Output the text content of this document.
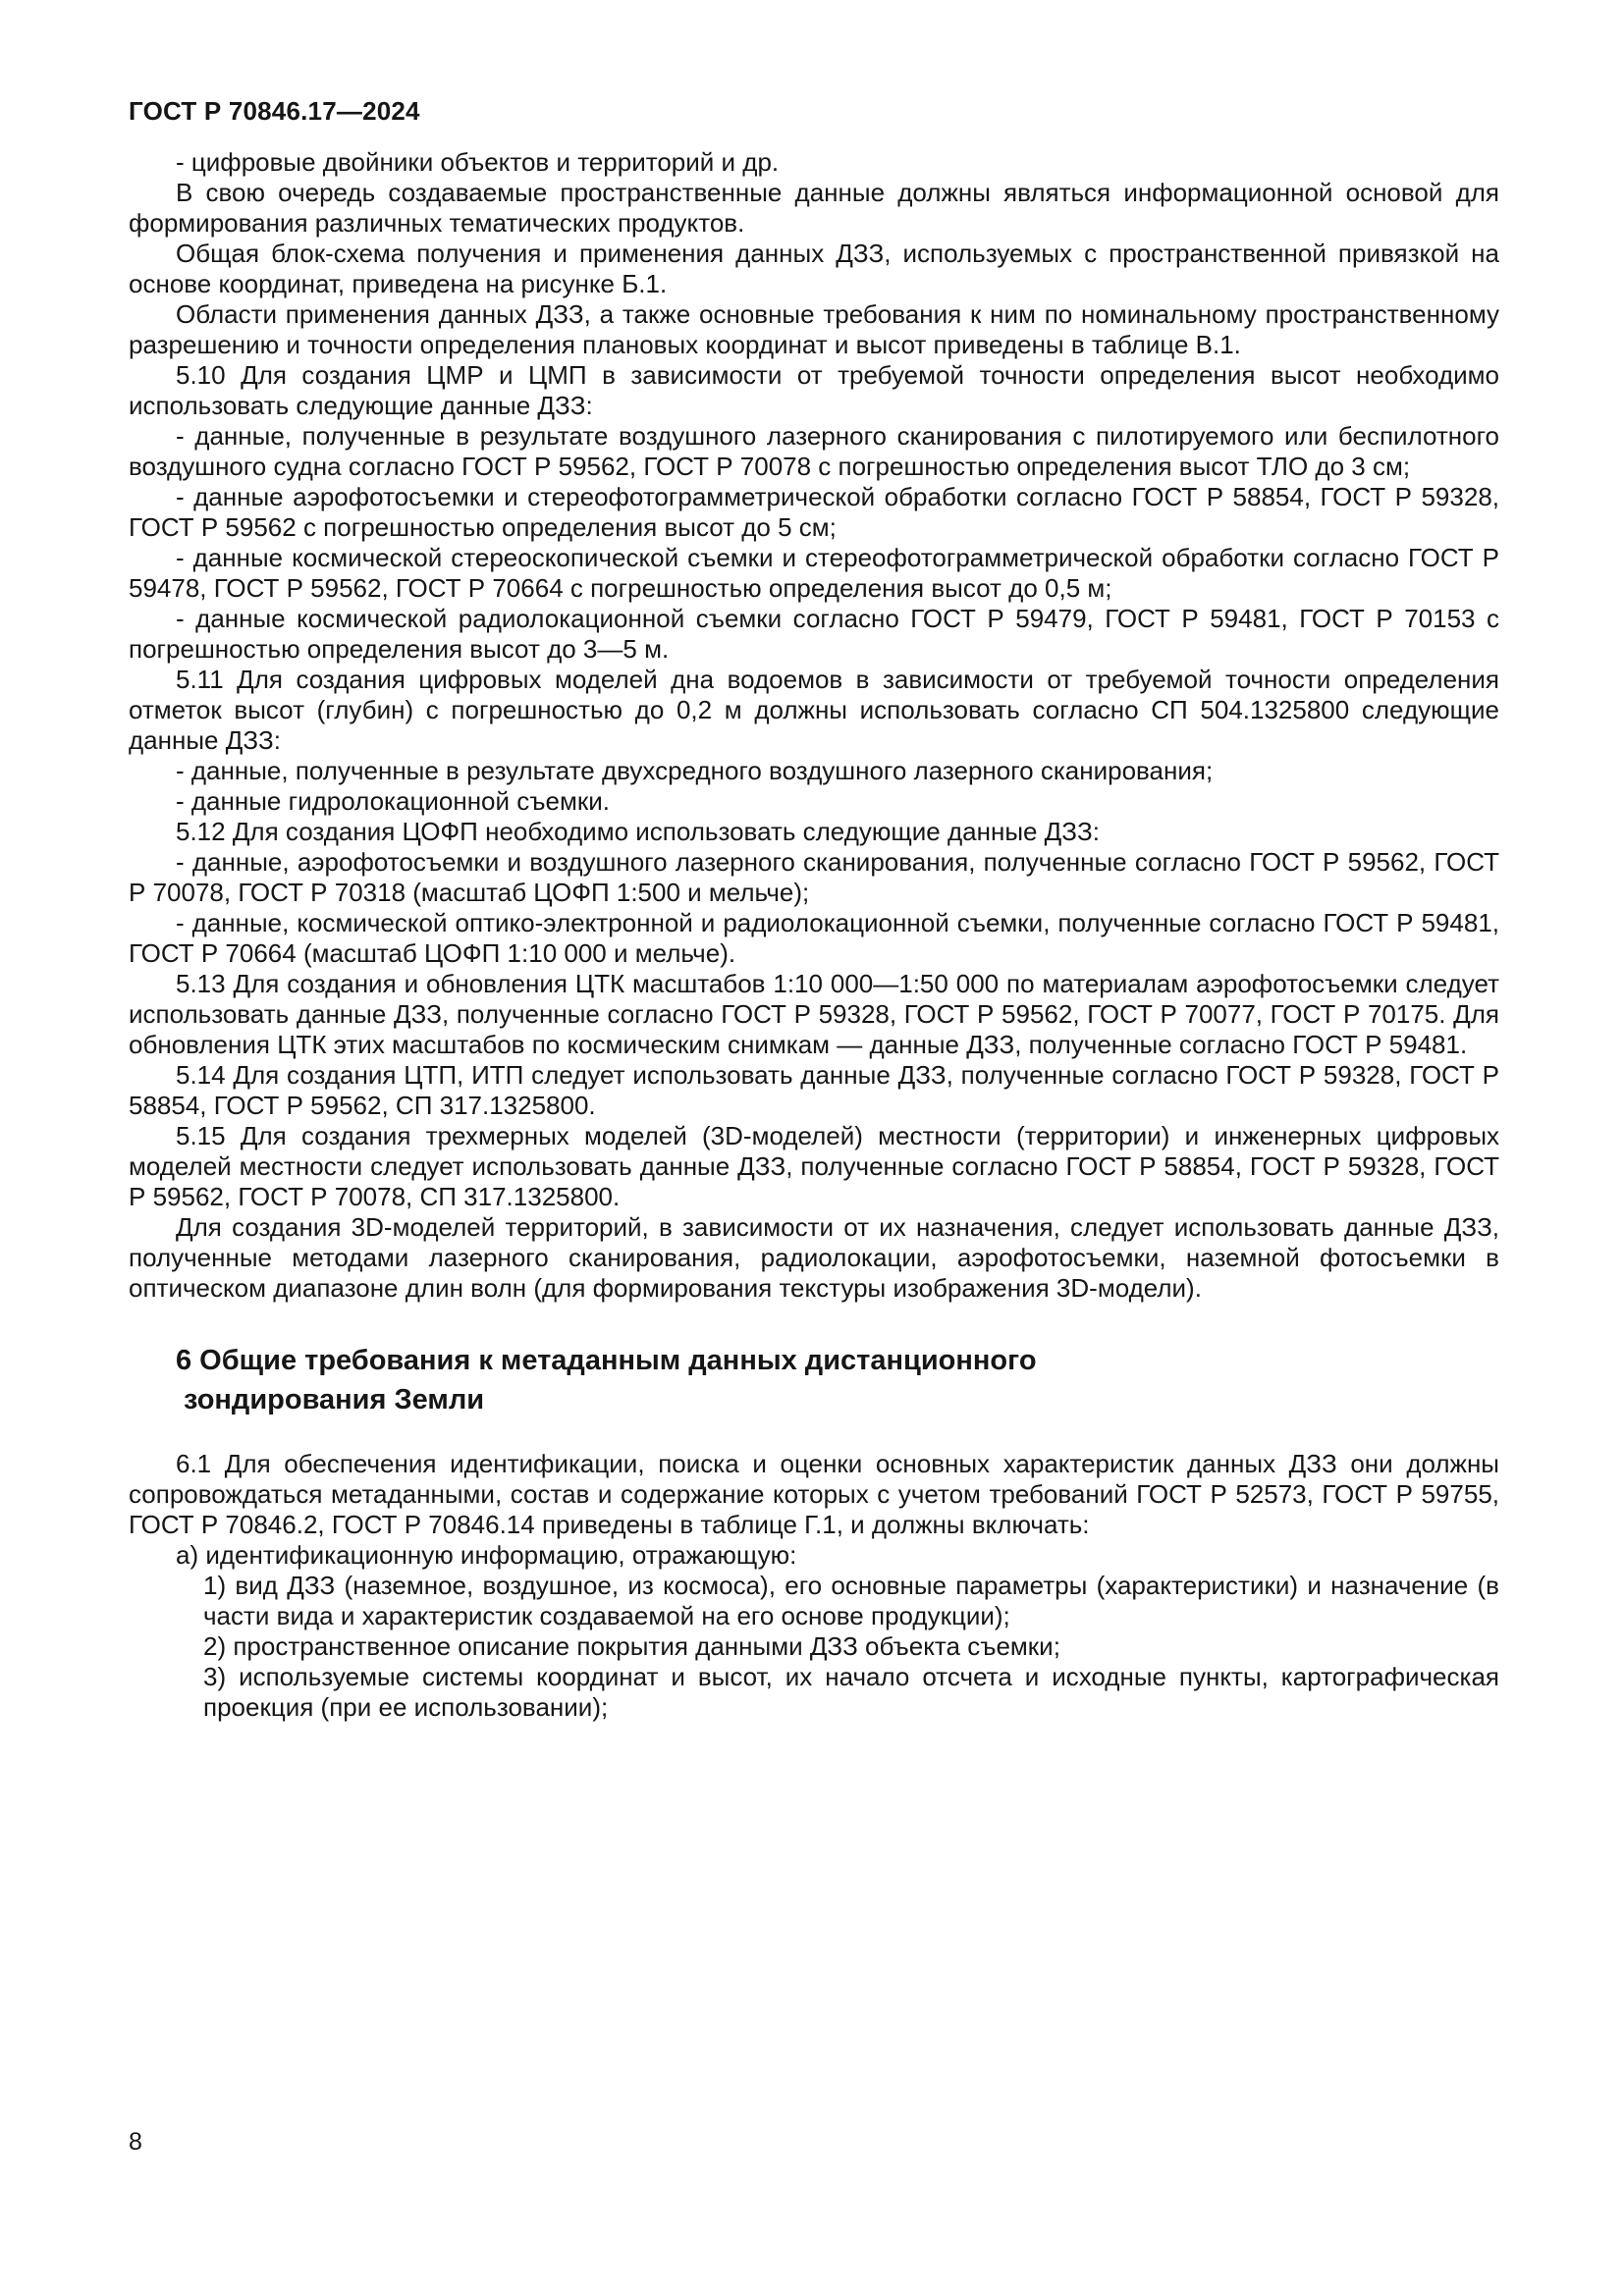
ГОСТ Р 70846.17—2024

- цифровые двойники объектов и территорий и др.

В свою очередь создаваемые пространственные данные должны являться информационной основой для формирования различных тематических продуктов.

Общая блок-схема получения и применения данных ДЗЗ, используемых с пространственной привязкой на основе координат, приведена на рисунке Б.1.

Области применения данных ДЗЗ, а также основные требования к ним по номинальному пространственному разрешению и точности определения плановых координат и высот приведены в таблице В.1.

5.10 Для создания ЦМР и ЦМП в зависимости от требуемой точности определения высот необходимо использовать следующие данные ДЗЗ:

- данные, полученные в результате воздушного лазерного сканирования с пилотируемого или беспилотного воздушного судна согласно ГОСТ Р 59562, ГОСТ Р 70078 с погрешностью определения высот ТЛО до 3 см;

- данные аэрофотосъемки и стереофотограмметрической обработки согласно ГОСТ Р 58854, ГОСТ Р 59328, ГОСТ Р 59562 с погрешностью определения высот до 5 см;

- данные космической стереоскопической съемки и стереофотограмметрической обработки согласно ГОСТ Р 59478, ГОСТ Р 59562, ГОСТ Р 70664 с погрешностью определения высот до 0,5 м;

- данные космической радиолокационной съемки согласно ГОСТ Р 59479, ГОСТ Р 59481, ГОСТ Р 70153 с погрешностью определения высот до 3—5 м.

5.11 Для создания цифровых моделей дна водоемов в зависимости от требуемой точности определения отметок высот (глубин) с погрешностью до 0,2 м должны использовать согласно СП 504.1325800 следующие данные ДЗЗ:

- данные, полученные в результате двухсредного воздушного лазерного сканирования;

- данные гидролокационной съемки.

5.12 Для создания ЦОФП необходимо использовать следующие данные ДЗЗ:

- данные, аэрофотосъемки и воздушного лазерного сканирования, полученные согласно ГОСТ Р 59562, ГОСТ Р 70078, ГОСТ Р 70318 (масштаб ЦОФП 1:500 и мельче);

- данные, космической оптико-электронной и радиолокационной съемки, полученные согласно ГОСТ Р 59481, ГОСТ Р 70664 (масштаб ЦОФП 1:10 000 и мельче).

5.13 Для создания и обновления ЦТК масштабов 1:10 000—1:50 000 по материалам аэрофотосъемки следует использовать данные ДЗЗ, полученные согласно ГОСТ Р 59328, ГОСТ Р 59562, ГОСТ Р 70077, ГОСТ Р 70175. Для обновления ЦТК этих масштабов по космическим снимкам — данные ДЗЗ, полученные согласно ГОСТ Р 59481.

5.14 Для создания ЦТП, ИТП следует использовать данные ДЗЗ, полученные согласно ГОСТ Р 59328, ГОСТ Р 58854, ГОСТ Р 59562, СП 317.1325800.

5.15 Для создания трехмерных моделей (3D-моделей) местности (территории) и инженерных цифровых моделей местности следует использовать данные ДЗЗ, полученные согласно ГОСТ Р 58854, ГОСТ Р 59328, ГОСТ Р 59562, ГОСТ Р 70078, СП 317.1325800.

Для создания 3D-моделей территорий, в зависимости от их назначения, следует использовать данные ДЗЗ, полученные методами лазерного сканирования, радиолокации, аэрофотосъемки, наземной фотосъемки в оптическом диапазоне длин волн (для формирования текстуры изображения 3D-модели).

6 Общие требования к метаданным данных дистанционного
зондирования Земли

6.1 Для обеспечения идентификации, поиска и оценки основных характеристик данных ДЗЗ они должны сопровождаться метаданными, состав и содержание которых с учетом требований ГОСТ Р 52573, ГОСТ Р 59755, ГОСТ Р 70846.2, ГОСТ Р 70846.14 приведены в таблице Г.1, и должны включать:

а) идентификационную информацию, отражающую:

1) вид ДЗЗ (наземное, воздушное, из космоса), его основные параметры (характеристики) и назначение (в части вида и характеристик создаваемой на его основе продукции);

2) пространственное описание покрытия данными ДЗЗ объекта съемки;

3) используемые системы координат и высот, их начало отсчета и исходные пункты, картографическая проекция (при ее использовании);

8
